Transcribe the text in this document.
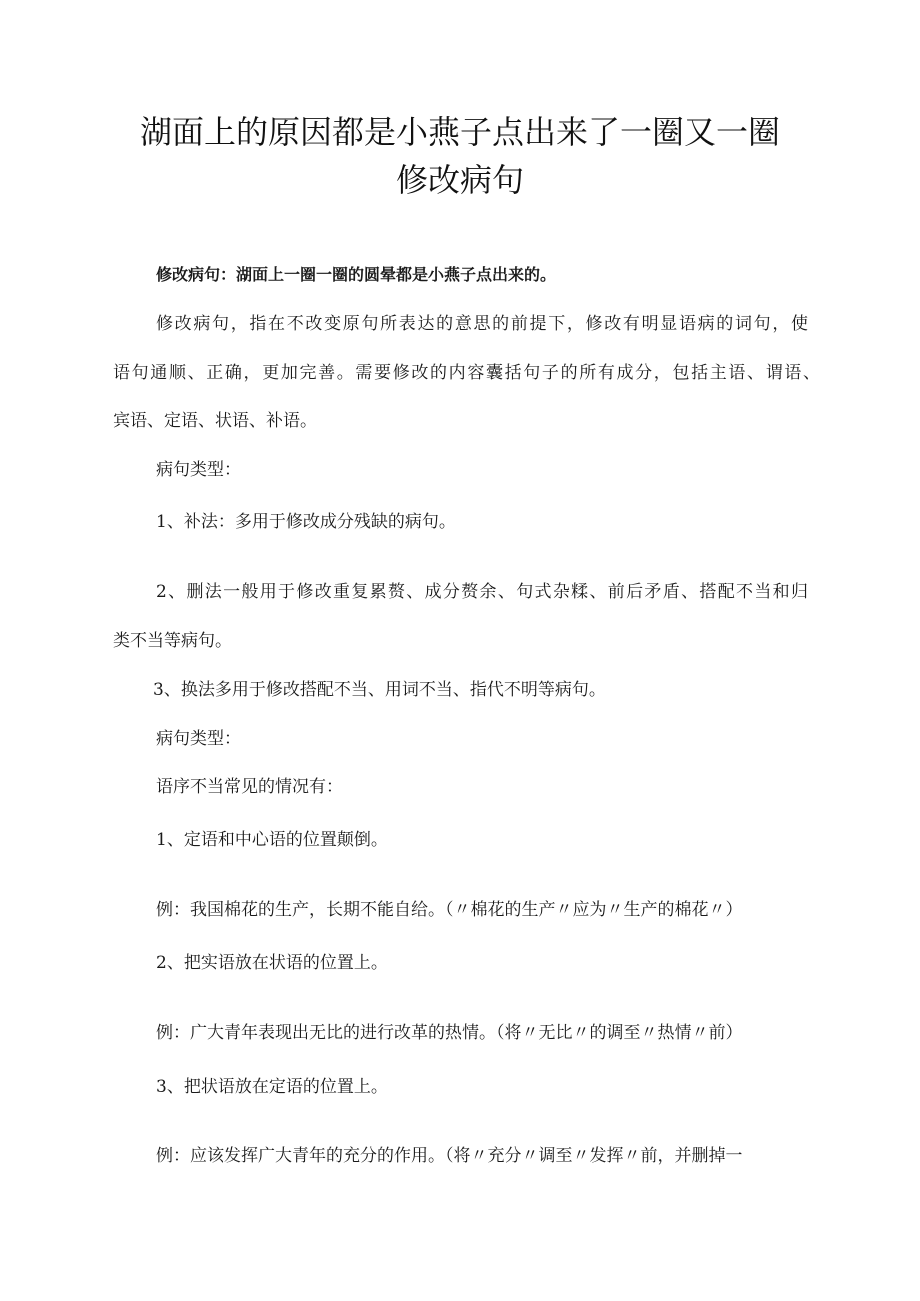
湖面上的原因都是小燕子点出来了一圈又一圈
修改病句
修改病句：湖面上一圈一圈的圆晕都是小燕子点出来的。
修改病句，指在不改变原句所表达的意思的前提下，修改有明显语病的词句，使
语句通顺、正确，更加完善。需要修改的内容囊括句子的所有成分，包括主语、谓语、
宾语、定语、状语、补语。
病句类型：
1、补法：多用于修改成分残缺的病句。
2、删法一般用于修改重复累赘、成分赘余、句式杂糅、前后矛盾、搭配不当和归
类不当等病句。
3、换法多用于修改搭配不当、用词不当、指代不明等病句。
病句类型：
语序不当常见的情况有：
1、定语和中心语的位置颠倒。
例：我国棉花的生产，长期不能自给。（〃棉花的生产〃应为〃生产的棉花〃）
2、把实语放在状语的位置上。
例：广大青年表现出无比的进行改革的热情。（将〃无比〃的调至〃热情〃前）
3、把状语放在定语的位置上。
例：应该发挥广大青年的充分的作用。（将〃充分〃调至〃发挥〃前，并删掉一
